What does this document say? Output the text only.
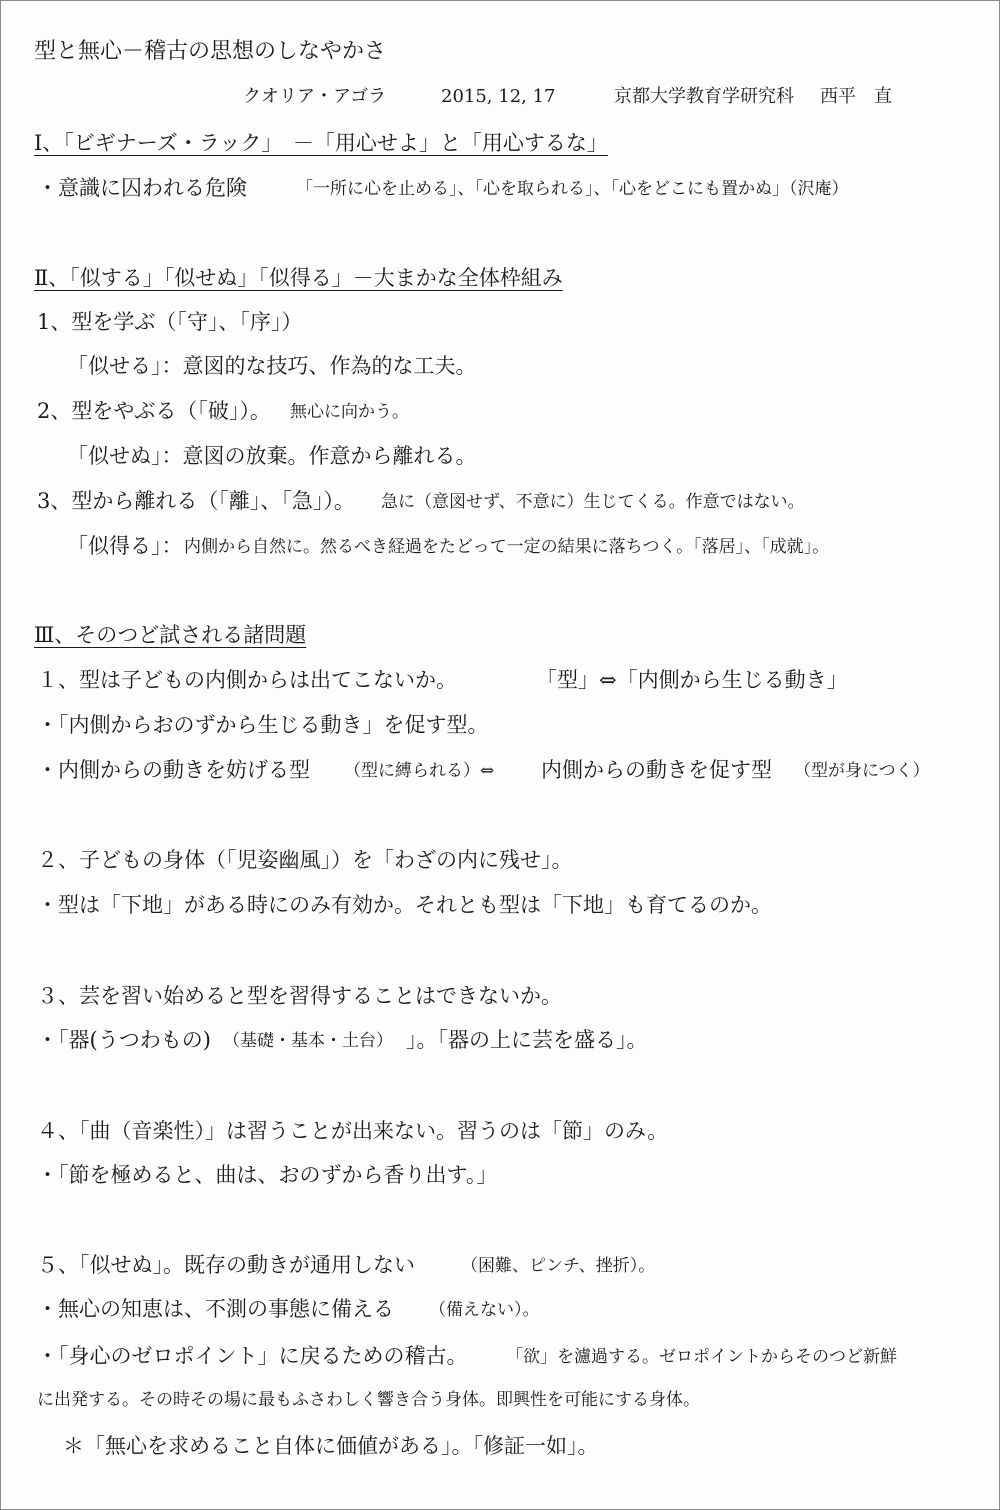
型と無心－稽古の思想のしなやかさ
クオリア・アゴラ	2015, 12, 17	京都大学教育学研究科 西平　直
Ⅰ、「ビギナーズ・ラック」　－「用心せよ」と「用心するな」
・意識に囚われる危険	「一所に心を止める」、「心を取られる」、「心をどこにも置かぬ」（沢庵）
Ⅱ、「似する」「似せぬ」「似得る」－大まかな全体枠組み
1、型を学ぶ（「守」、「序」）
「似せる」：意図的な技巧、作為的な工夫。
2、型をやぶる（「破」）。 無心に向かう。
「似せぬ」：意図の放棄。作意から離れる。
3、型から離れる（「離」、「急」）。 急に（意図せず、不意に）生じてくる。作意ではない。
「似得る」： 内側から自然に。然るべき経過をたどって一定の結果に落ちつく。「落居」、「成就」。
Ⅲ、そのつど試される諸問題
１、型は子どもの内側からは出てこないか。	「型」⇔「内側から生じる動き」
・「内側からおのずから生じる動き」を促す型。
・内側からの動きを妨げる型 （型に縛られる）⇔ 内側からの動きを促す型 （型が身につく）
２、子どもの身体（「児姿幽風」）を「わざの内に残せ」。
・型は「下地」がある時にのみ有効か。それとも型は「下地」も育てるのか。
３、芸を習い始めると型を習得することはできないか。
・「器(うつわもの) （基礎・基本・土台） 」。「器の上に芸を盛る」。
４、「曲（音楽性）」は習うことが出来ない。習うのは「節」のみ。
・「節を極めると、曲は、おのずから香り出す。」
５、「似せぬ」。既存の動きが通用しない	（困難、ピンチ、挫折）。
・無心の知恵は、不測の事態に備える （備えない）。
・「身心のゼロポイント」に戻るための稽古。 「欲」を濾過する。ゼロポイントからそのつど新鮮
に出発する。その時その場に最もふさわしく響き合う身体。即興性を可能にする身体。
＊「無心を求めること自体に価値がある」。「修証一如」。
